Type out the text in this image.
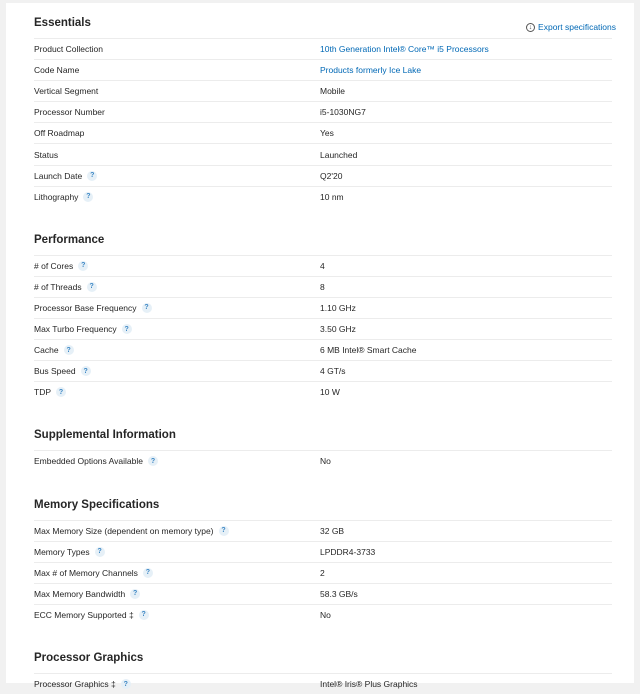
↓ Export specifications
Essentials
Product Collection	10th Generation Intel® Core™ i5 Processors
Code Name	Products formerly Ice Lake
Vertical Segment	Mobile
Processor Number	i5-1030NG7
Off Roadmap	Yes
Status	Launched
Launch Date	?	Q2'20
Lithography	?	10 nm
Performance
# of Cores	?	4
# of Threads	?	8
Processor Base Frequency	?	1.10 GHz
Max Turbo Frequency	?	3.50 GHz
Cache	?	6 MB Intel® Smart Cache
Bus Speed	?	4 GT/s
TDP	?	10 W
Supplemental Information
Embedded Options Available	?	No
Memory Specifications
Max Memory Size (dependent on memory type)	?	32 GB
Memory Types	?	LPDDR4-3733
Max # of Memory Channels	?	2
Max Memory Bandwidth	?	58.3 GB/s
ECC Memory Supported ‡	?	No
Processor Graphics
Processor Graphics ‡	?	Intel® Iris® Plus Graphics
